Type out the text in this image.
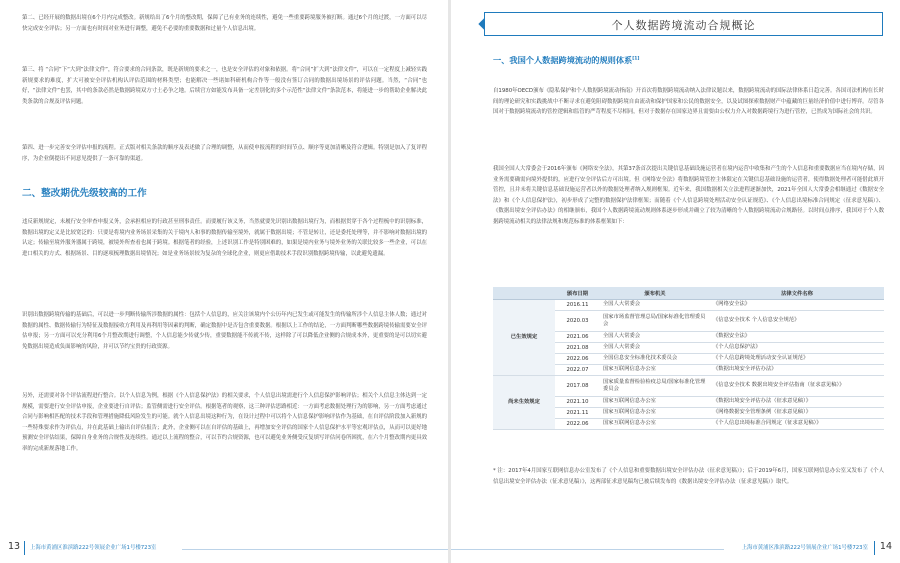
第二、已经开展的数据出境在6个月内完成整改。新规给出了6个月的整改期，保障了已有业务的连续性，避免一些重要跨境服务被打断。通过6个月的过渡，一方面可以尽快完成安全评估；另一方面也有时间对业务进行调整，避免不必要的重要数据和过量个人信息出境。

第三、将 “合同”下“大到”法律文件”，符合要求的合同条款，既是新规的要求之一，也是安全评估的对象和依据。将“合同”扩大到“法律文件”，可以在一定程度上减轻实践新规要求的难度，扩大可被安全评估机构认评估范围的材料类型；也能解决一些诸如科研机构合作等一般没有签订合同的数据出境场景的评估问题。当然，“合同”也好，“法律文件”也罢，其中的条款必然是数据跨境双方寸土必争之地。后续官方如能发布具备一定差别化的多个示范性“法律文件”条款范本，将能进一步的帮助企业解决此类条款的合规及评估问题。

第四、进一步完善安全评估申报的流程。正式版对相关条款的顺序及表述做了合理的调整，从而使申报流程的时间节点、顺序等更加清晰及符合逻辑。特别是加入了复评程序，为企业倒提出不同意见提供了一条可靠的渠道。

二、整改期优先级较高的工作

违反新规规定，未履行安全审查申报义务，会承担相应的行政甚至刑事责任。而要履行该义务，当然就要先识别出数据出境行为，而根据贯穿于各个过程梳中的识别标准，数据出境的定义是比较宽泛的：只要是将境内业务场景采集的关于境内人和事的数据传输至境外，就属于数据出境；不管是转让，还是委托处理等，并不影响对数据出境的认定；传输至境外服务器属于跨境，被境外所查看也属于跨境。根据笔者的经验，上述识别工作是特别困难的，如果是境内业务与境外业务的关联比较多一些企业，可以在进口相关的方式、根据场景、目的逐项梳理数据出境情况；如是业务场景较为复杂的全球化企业，则更应借助技术手段识别数据跨境传输，以此避免遗漏。

识别出数据跨境传输的基础后，可以进一步判断传输所涉数据的属性：包括个人信息的，应关注该境内个公历年内已发生或可能发生的传输所涉个人信息主体人数；通过对数据的属性、数据传输行为特征及数据接收方利用及再利用等因素的判断，确定数据中是否包含重要数据。根据以上工作的结论，一方面判断哪些数据跨境传输需要安全评估申报；另一方面可以充分利用6个月整改期进行调整，个人信息能少传就少传，重要数据能不传就不传，这样除了可以降低企业侧的合规成本外，更重要的是可以切实避免数据出境造成负面影响的风险，并可以节约宝贵的行政资源。

另外，还需要对各个评估流程进行整合。以个人信息为例，根据《个人信息保护法》的相关要求，个人信息出境需进行个人信息保护影响评估；相关个人信息主体达到一定规模，需要进行安全评估申报，企业要进行自评估；监管侧需进行安全评估。根据笔者的观察，这三种评估思路相近：一方面考虑数据处理行为的影响，另一方面考虑通过合同与影响相匹配的技术手段和管理措施降低风险发生的可能。就个人信息出境这种行为，在设计过程中可以将个人信息保护影响评估作为基础，在自评估阶段加入新规的一些特殊要求作为评估点，并在此基础上输出自评估报告；此外，企业侧可以在自评估的基础上，再增加安全评估的国家个人信息保护水平等宏观评估点，从而可以更好地预测安全评估结果，保障自身业务的合规性及连续性。通过以上流程的整合，可以节约合规资源，也可以避免业务侧受反复填写评估问卷所困扰，在六个月整改期内更具效率的完成新规落地工作。

13 上海市黄浦区淮滨路222号领展企业广场1号楼723室
个人数据跨境流动合规概论
一、我国个人数据跨境流动的规则体系[1]

自1980年OECD颁布《隐私保护和个人数据跨境流动指南》开首次将数据跨境流动纳入法律议题以来，数据跨境流动的国际法律体系日趋完善。各国司法机构在长时间的理论研究和实践挑战中不断寻求在避免阻碍数据跨境自由流动和保护国家和公民的数据安全，以及试图探索数据财产中蕴藏的巨量经济价值中进行博弈。尽管各国对于数据跨境流动的管控逻辑和监管的严苛程度不尽相同，但对于数据存在国家边界且需要由公权力介入对数据跨境行为进行管控，已然成为国际社会的共识。

我国全国人大常委会于2016年颁布《网络安全法》，其第37条首次提出关键信息基础设施运营者在境内运营中收集和产生的个人信息和重要数据应当在境内存储，因业务需要确需向境外提供的，应进行安全评估后方可出境。但《网络安全法》将数据跨境管控主体限定在关键信息基础设施的运营者，使得数据处理者可能借此填开管控，且并未将关键信息基础设施运营者以外的数据处理者纳入规则框架。近年来，我国数据相关立法进程逐渐加快，2021年全国人大常委会相继通过《数据安全法》和《个人信息保护法》，初步形成了完整的数据保护法律框架；而随着《个人信息跨境处理活动安全认证规范》、《个人信息出境标准合同规定（征求意见稿）》、《数据出境安全评估办法》的相继颁布，我国个人数据跨境流动规则体系逐步形成并确立了较为清晰的个人数据跨境流动合规路径。以时间点排序，我国对于个人数据跨境流动相关的法律法规和规范标准的体系框架如下：

	颁布日期	颁布机关	法律文件名称
已生效规定	2016.11	全国人大常委会	《网络安全法》
	2020.03	国家市场监督管理总局/国家标准化管理委员会	《信息安全技术 个人信息安全规范》
	2021.06	全国人大常委会	《数据安全法》
	2021.08	全国人大常委会	《个人信息保护法》
	2022.06	全国信息安全标准化技术委员会	《个人信息跨境处理活动安全认证规范》
	2022.07	国家互联网信息办公室	《数据出境安全评估办法》
尚未生效规定	2017.08	国家质量监督检验检疫总局/国家标准化管理委员会	《信息安全技术 数据出境安全评估指南（征求意见稿）》
	2021.10	国家互联网信息办公室	《数据出境安全评估办法（征求意见稿）》
	2021.11	国家互联网信息办公室	《网络数据安全管理条例（征求意见稿）》
	2022.06	国家互联网信息办公室	《个人信息出境标准合同规定（征求意见稿）》

* 注：2017年4月国家互联网信息办公室发布了《个人信息和重要数据出境安全评估办法（征求意见稿）》；后于2019年6月，国家互联网信息办公室又发布了《个人信息出境安全评估办法（征求意见稿）》，这两部征求意见稿均已被后续发布的《数据出境安全评估办法（征求意见稿）》取代。

上海市黄浦区淮滨路222号领展企业广场1号楼723室 14
